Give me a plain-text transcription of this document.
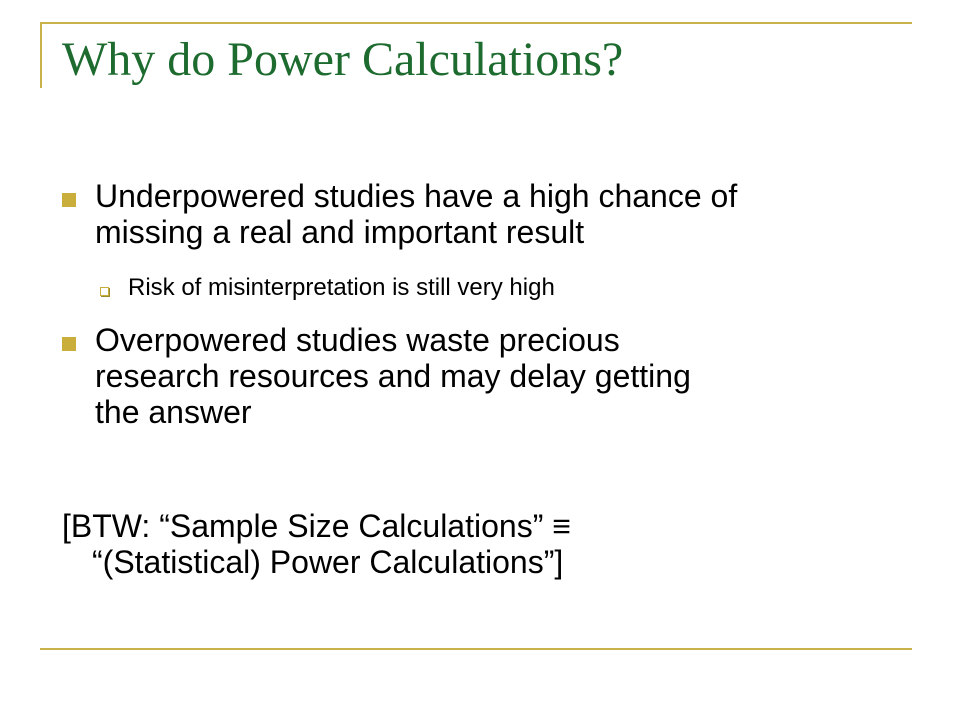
Why do Power Calculations?

Underpowered studies have a high chance of
missing a real and important result

Risk of misinterpretation is still very high

Overpowered studies waste precious
research resources and may delay getting
the answer

[BTW: “Sample Size Calculations” ≡
“(Statistical) Power Calculations”]
